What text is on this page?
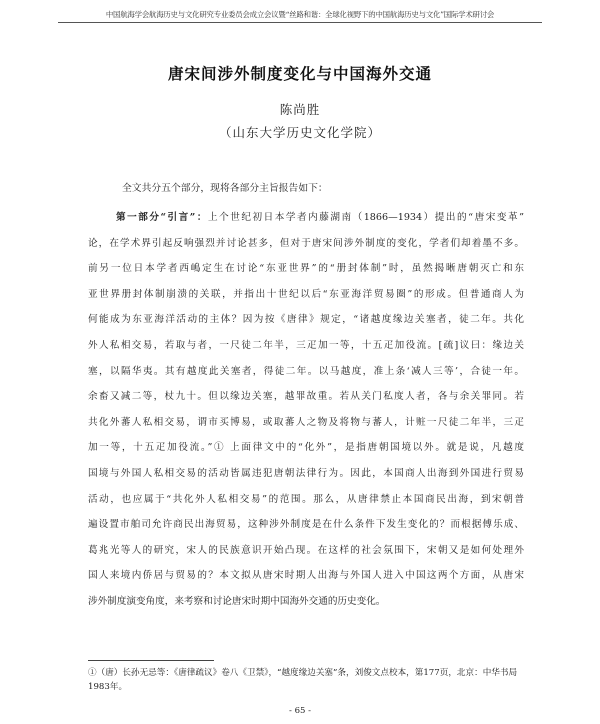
中国航海学会航海历史与文化研究专业委员会成立会议暨“丝路和谐：全球化视野下的中国航海历史与文化”国际学术研讨会
唐宋间涉外制度变化与中国海外交通
陈尚胜
（山东大学历史文化学院）
全文共分五个部分，现将各部分主旨报告如下：
第一部分“引言”：上个世纪初日本学者内藤湖南（1866—1934）提出的“唐宋变革”
论，在学术界引起反响强烈并讨论甚多，但对于唐宋间涉外制度的变化，学者们却着墨不多。
前另一位日本学者西嶋定生在讨论“东亚世界”的“册封体制”时，虽然揭晰唐朝灭亡和东
亚世界册封体制崩溃的关联，并指出十世纪以后“东亚海洋贸易圈”的形成。但普通商人为
何能成为东亚海洋活动的主体？因为按《唐律》规定，“诸越度缘边关塞者，徒二年。共化
外人私相交易，若取与者，一尺徒二年半，三疋加一等，十五疋加役流。[疏]议曰：缘边关
塞，以隔华夷。其有越度此关塞者，得徒二年。以马越度，准上条‘减人三等’，合徒一年。
余畜又减二等，杖九十。但以缘边关塞，越罪故重。若从关门私度人者，各与余关罪同。若
共化外蕃人私相交易，谓市买博易，或取蕃人之物及将物与蕃人，计赃一尺徒二年半，三疋
加一等，十五疋加役流。”① 上面律文中的“化外”，是指唐朝国境以外。就是说，凡越度
国境与外国人私相交易的活动皆属违犯唐朝法律行为。因此，本国商人出海到外国进行贸易
活动，也应属于“共化外人私相交易”的范围。那么，从唐律禁止本国商民出海，到宋朝普
遍设置市舶司允许商民出海贸易，这种涉外制度是在什么条件下发生变化的？而根据傅乐成、
葛兆光等人的研究，宋人的民族意识开始凸现。在这样的社会氛围下，宋朝又是如何处理外
国人来境内侨居与贸易的？本文拟从唐宋时期人出海与外国人进入中国这两个方面，从唐宋
涉外制度演变角度，来考察和讨论唐宋时期中国海外交通的历史变化。
①（唐）长孙无忌等：《唐律疏议》卷八《卫禁》，“越度缘边关塞”条，刘俊文点校本，第177页，北京：中华书局1983年。
- 65 -
